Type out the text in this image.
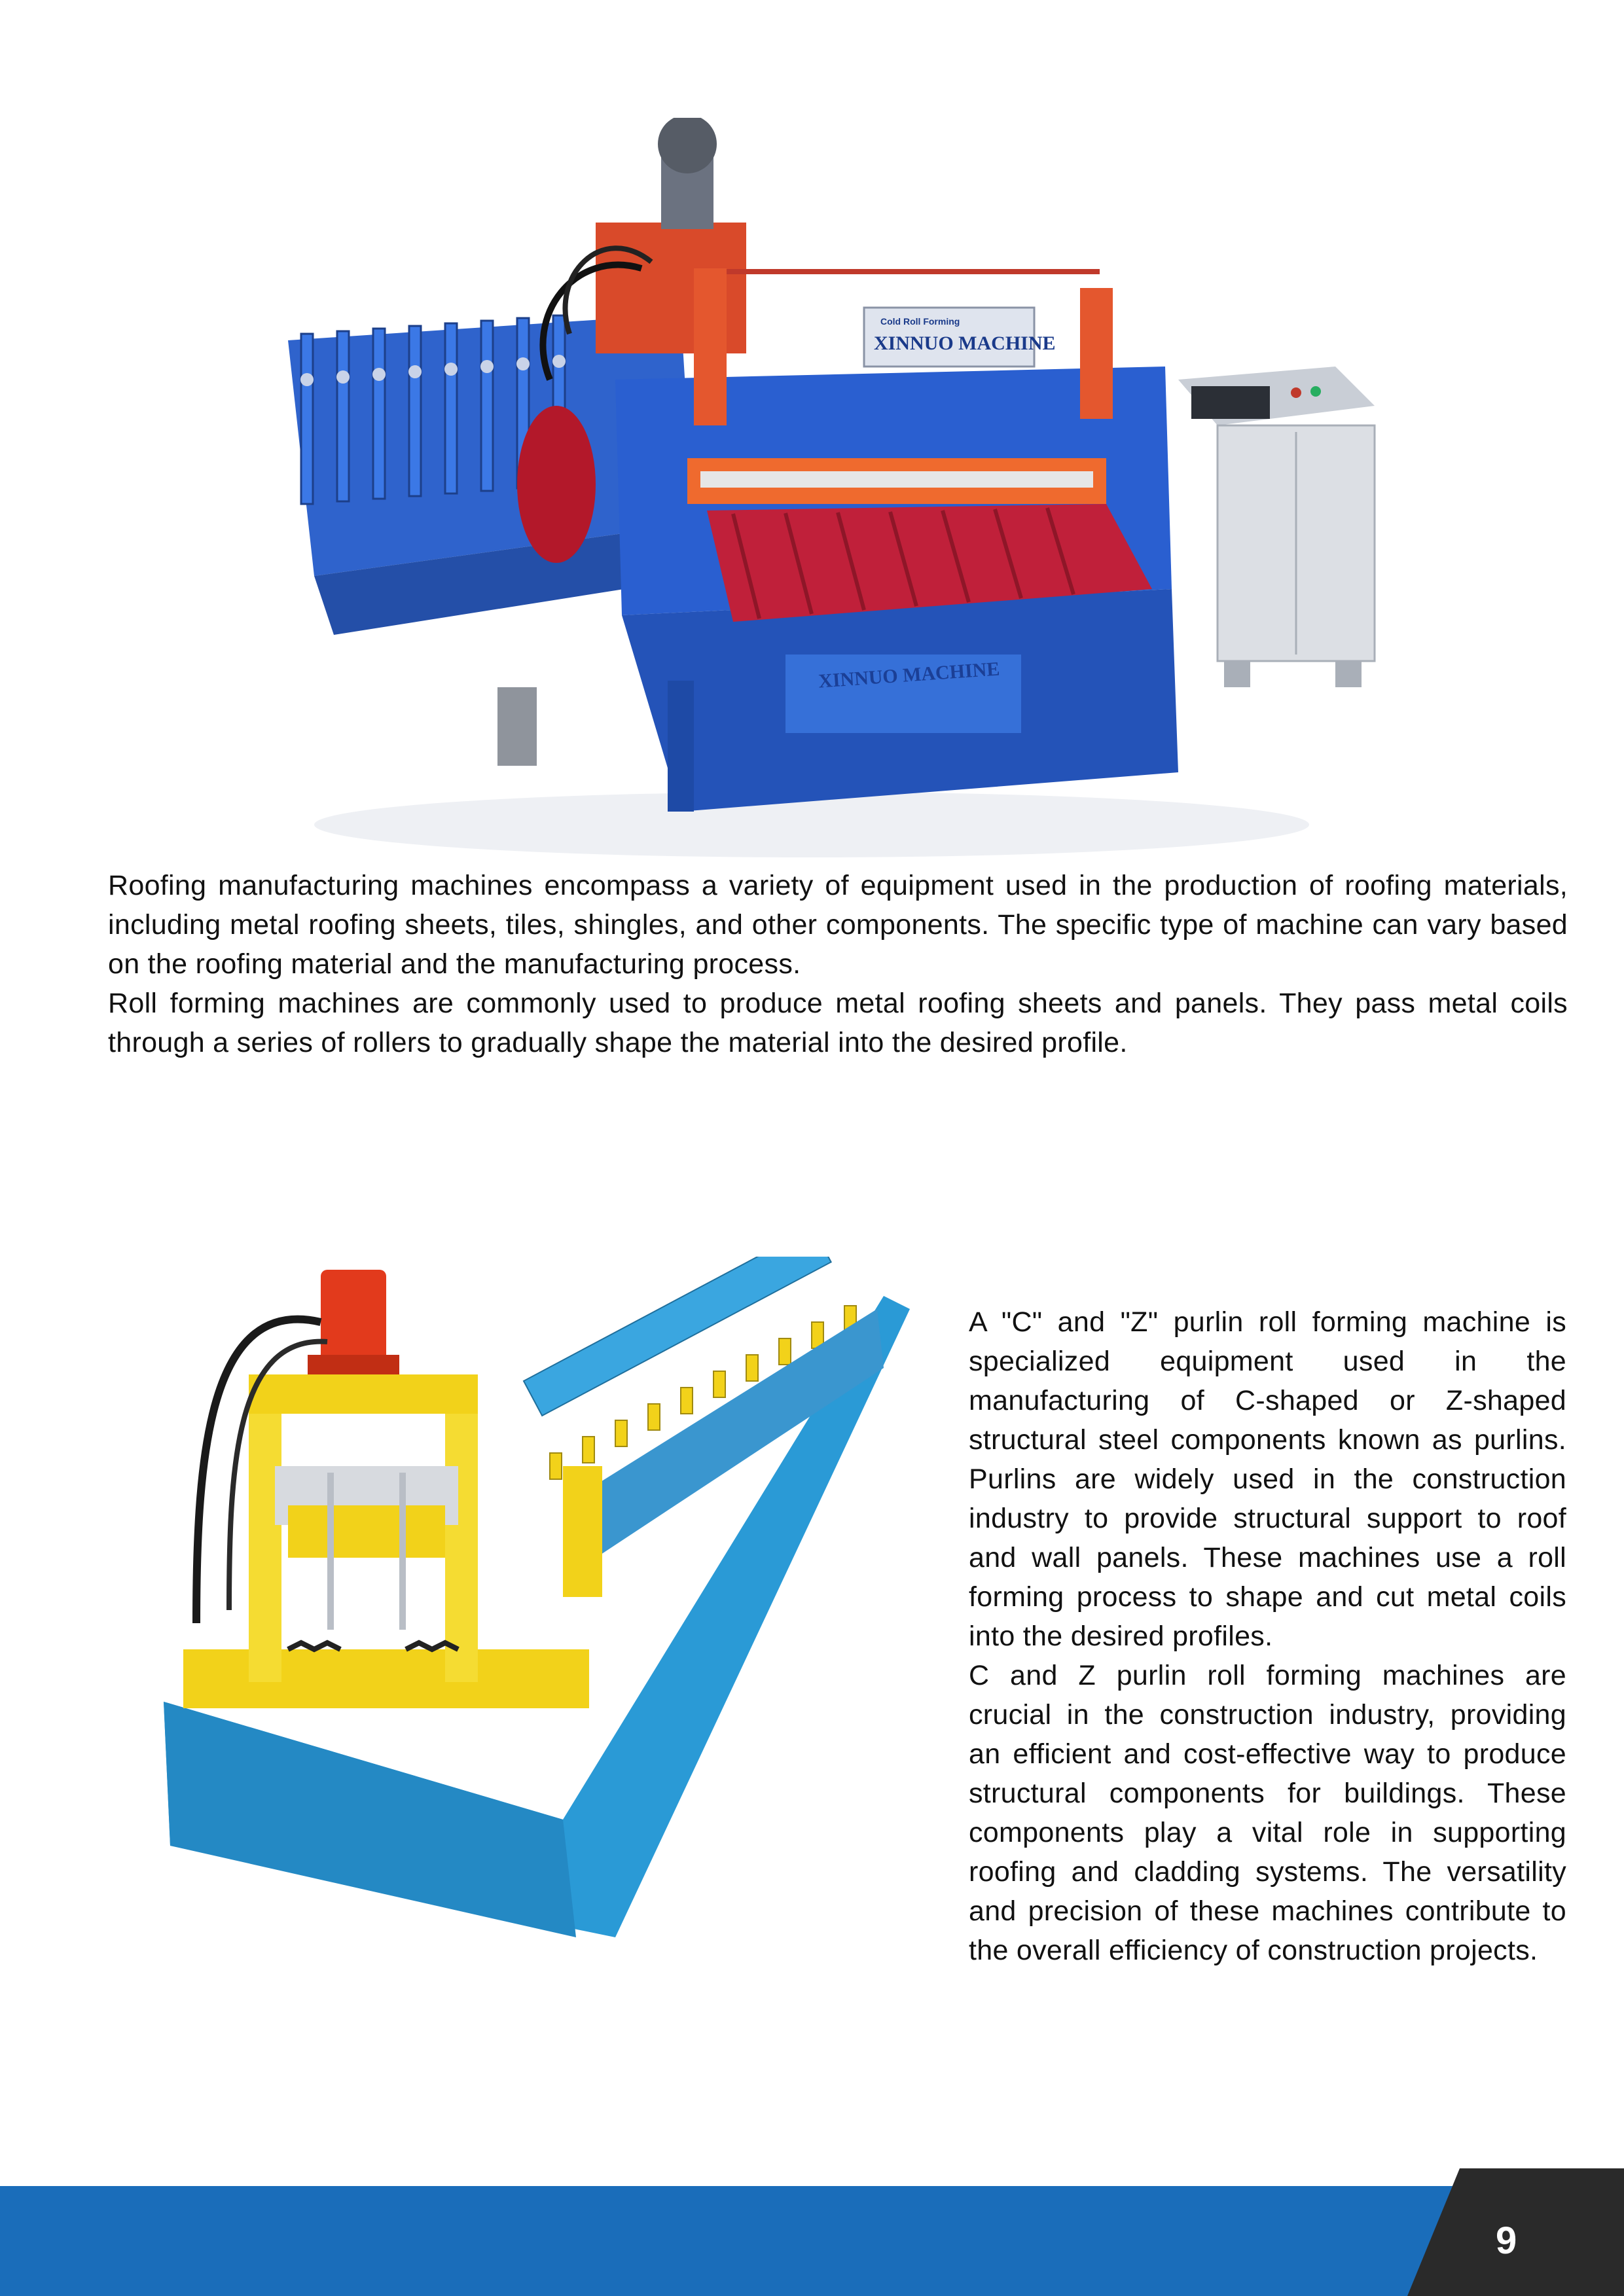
Cold Roll Forming
XINNUO MACHINE
XINNUO MACHINE

Roofing manufacturing machines encompass a variety of equipment used in the production of roofing materials, including metal roofing sheets, tiles, shingles, and other components. The specific type of machine can vary based on the roofing material and the manufacturing process.

Roll forming machines are commonly used to produce metal roofing sheets and panels. They pass metal coils through a series of rollers to gradually shape the material into the desired profile.

A "C" and "Z" purlin roll forming machine is specialized equipment used in the manufacturing of C-shaped or Z-shaped structural steel components known as purlins. Purlins are widely used in the construction industry to provide structural support to roof and wall panels. These machines use a roll forming process to shape and cut metal coils into the desired profiles.

C and Z purlin roll forming machines are crucial in the construction industry, providing an efficient and cost-effective way to produce structural components for buildings. These components play a vital role in supporting roofing and cladding systems. The versatility and precision of these machines contribute to the overall efficiency of construction projects.

9
